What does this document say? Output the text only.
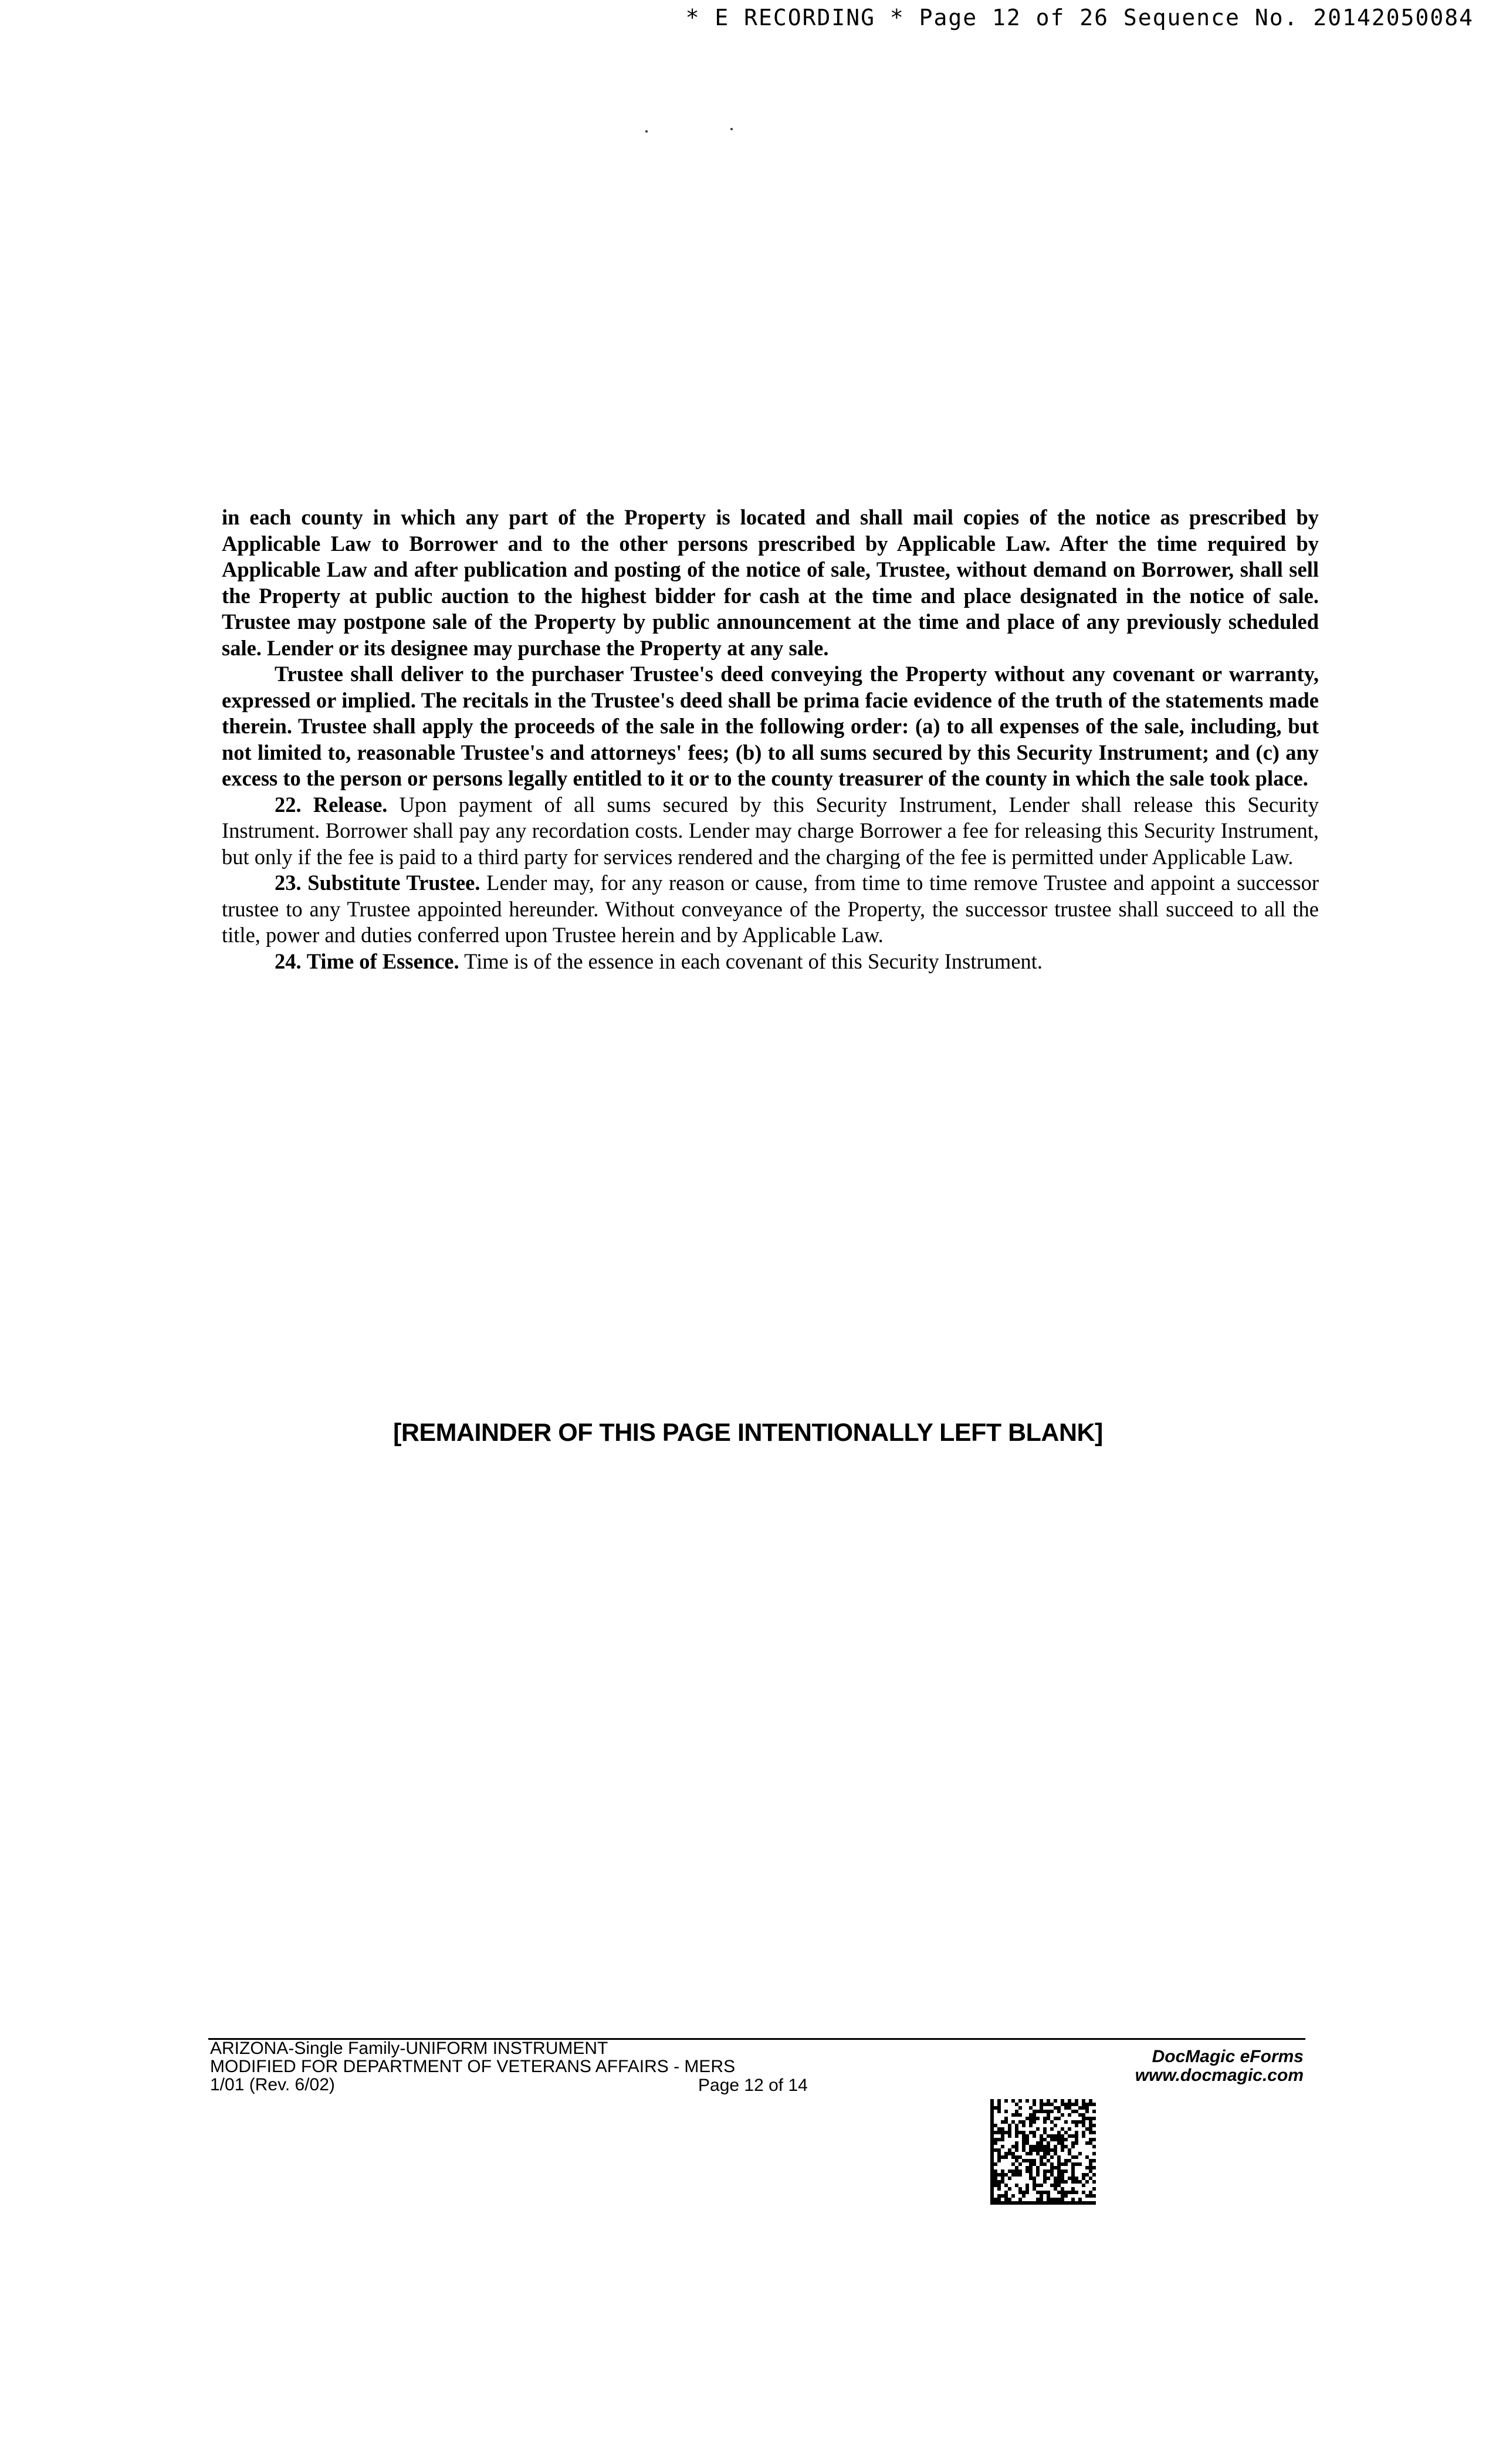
* E RECORDING * Page 12 of 26 Sequence No. 20142050084

in each county in which any part of the Property is located and shall mail copies of the notice as prescribed by Applicable Law to Borrower and to the other persons prescribed by Applicable Law. After the time required by Applicable Law and after publication and posting of the notice of sale, Trustee, without demand on Borrower, shall sell the Property at public auction to the highest bidder for cash at the time and place designated in the notice of sale. Trustee may postpone sale of the Property by public announcement at the time and place of any previously scheduled sale. Lender or its designee may purchase the Property at any sale.

Trustee shall deliver to the purchaser Trustee's deed conveying the Property without any covenant or warranty, expressed or implied. The recitals in the Trustee's deed shall be prima facie evidence of the truth of the statements made therein. Trustee shall apply the proceeds of the sale in the following order: (a) to all expenses of the sale, including, but not limited to, reasonable Trustee's and attorneys' fees; (b) to all sums secured by this Security Instrument; and (c) any excess to the person or persons legally entitled to it or to the county treasurer of the county in which the sale took place.

22. Release. Upon payment of all sums secured by this Security Instrument, Lender shall release this Security Instrument. Borrower shall pay any recordation costs. Lender may charge Borrower a fee for releasing this Security Instrument, but only if the fee is paid to a third party for services rendered and the charging of the fee is permitted under Applicable Law.

23. Substitute Trustee. Lender may, for any reason or cause, from time to time remove Trustee and appoint a successor trustee to any Trustee appointed hereunder. Without conveyance of the Property, the successor trustee shall succeed to all the title, power and duties conferred upon Trustee herein and by Applicable Law.

24. Time of Essence. Time is of the essence in each covenant of this Security Instrument.

[REMAINDER OF THIS PAGE INTENTIONALLY LEFT BLANK]
ARIZONA-Single Family-UNIFORM INSTRUMENT
MODIFIED FOR DEPARTMENT OF VETERANS AFFAIRS - MERS
1/01 (Rev. 6/02)	Page 12 of 14
DocMagic eForms
www.docmagic.com
